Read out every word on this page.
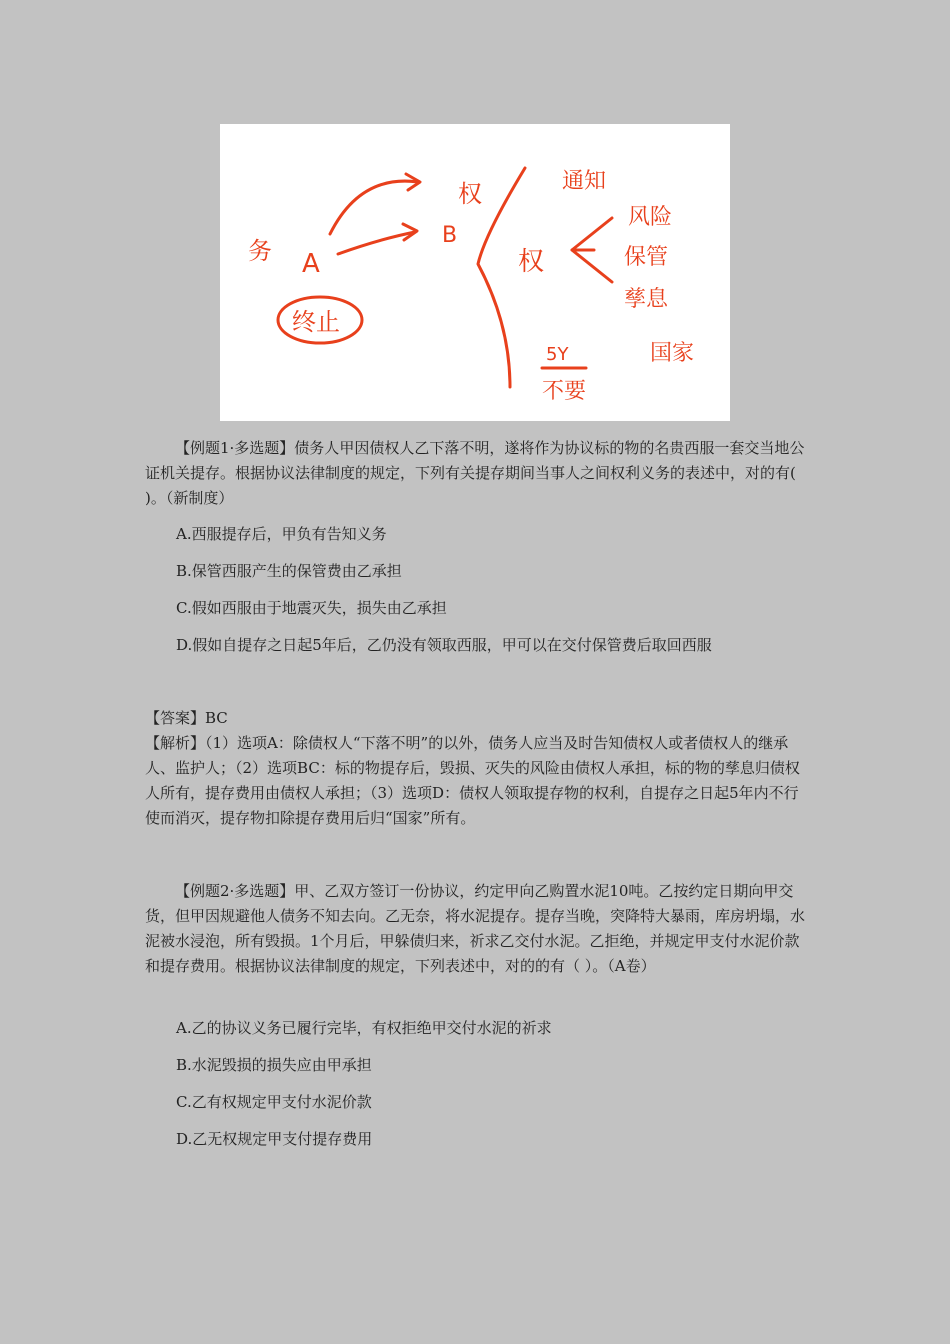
务 A
终止
B
权
权
通知
风险
保管
孳息
国家
5Y
不要

【例题1·多选题】债务人甲因债权人乙下落不明，遂将作为协议标的物的名贵西服一套交当地公证机关提存。根据协议法律制度的规定，下列有关提存期间当事人之间权利义务的表述中，对的有( )。（新制度）

A.西服提存后，甲负有告知义务

B.保管西服产生的保管费由乙承担

C.假如西服由于地震灭失，损失由乙承担

D.假如自提存之日起5年后，乙仍没有领取西服，甲可以在交付保管费后取回西服

【答案】BC

【解析】（1）选项A：除债权人“下落不明”的以外，债务人应当及时告知债权人或者债权人的继承人、监护人；（2）选项BC：标的物提存后，毁损、灭失的风险由债权人承担，标的物的孳息归债权人所有，提存费用由债权人承担；（3）选项D：债权人领取提存物的权利，自提存之日起5年内不行使而消灭，提存物扣除提存费用后归“国家”所有。

【例题2·多选题】甲、乙双方签订一份协议，约定甲向乙购置水泥10吨。乙按约定日期向甲交货，但甲因规避他人债务不知去向。乙无奈，将水泥提存。提存当晚，突降特大暴雨，库房坍塌，水泥被水浸泡，所有毁损。1个月后，甲躲债归来，祈求乙交付水泥。乙拒绝，并规定甲支付水泥价款和提存费用。根据协议法律制度的规定，下列表述中，对的的有（ ）。（A卷）

A.乙的协议义务已履行完毕，有权拒绝甲交付水泥的祈求

B.水泥毁损的损失应由甲承担

C.乙有权规定甲支付水泥价款

D.乙无权规定甲支付提存费用
